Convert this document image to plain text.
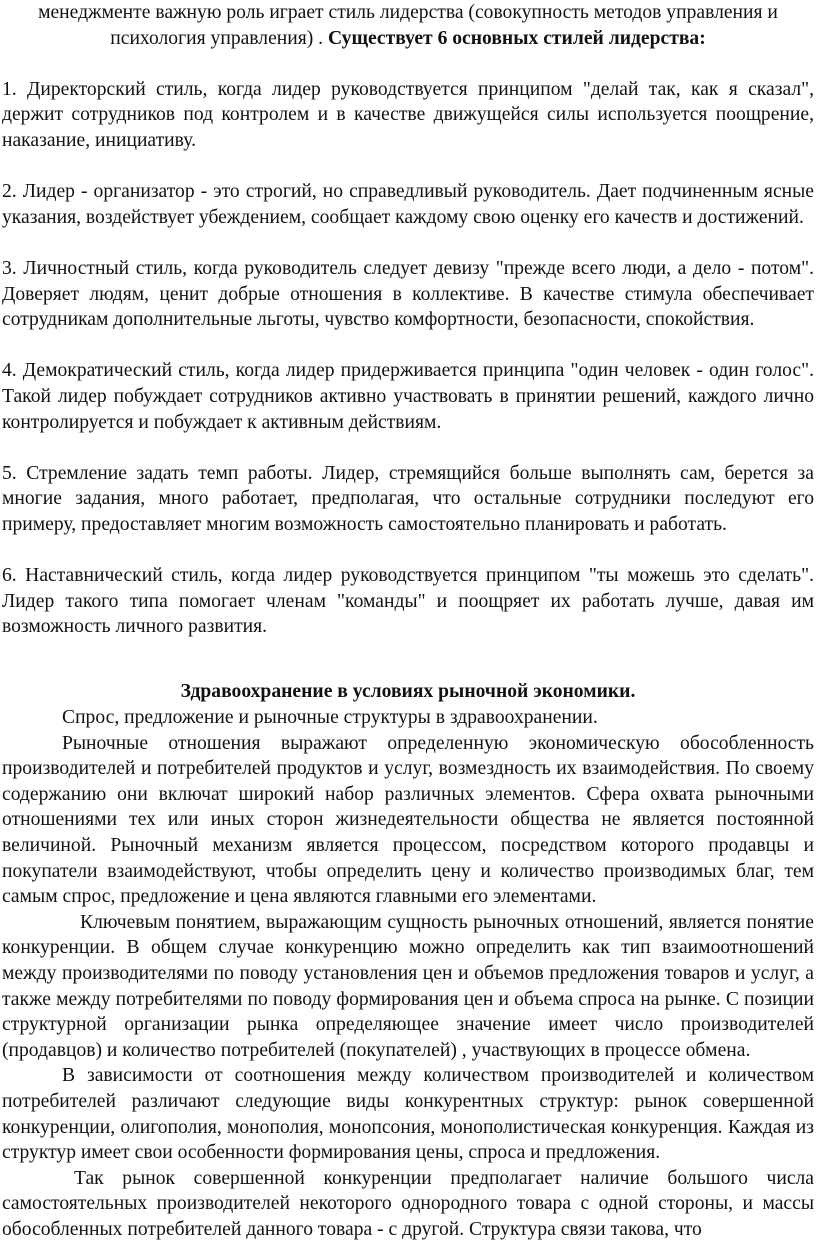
менеджменте важную роль играет стиль лидерства (совокупность методов управления и

психология управления) . Существует 6 основных стилей лидерства:

1. Директорский стиль, когда лидер руководствуется принципом "делай так, как я сказал", держит сотрудников под контролем и в качестве движущейся силы используется поощрение, наказание, инициативу.

2. Лидер - организатор - это строгий, но справедливый руководитель. Дает подчиненным ясные указания, воздействует убеждением, сообщает каждому свою оценку его качеств и достижений.

3. Личностный стиль, когда руководитель следует девизу "прежде всего люди, а дело - потом". Доверяет людям, ценит добрые отношения в коллективе. В качестве стимула обеспечивает сотрудникам дополнительные льготы, чувство комфортности, безопасности, спокойствия.

4. Демократический стиль, когда лидер придерживается принципа "один человек - один голос". Такой лидер побуждает сотрудников активно участвовать в принятии решений, каждого лично контролируется и побуждает к активным действиям.

5. Стремление задать темп работы. Лидер, стремящийся больше выполнять сам, берется за многие задания, много работает, предполагая, что остальные сотрудники последуют его примеру, предоставляет многим возможность самостоятельно планировать и работать.

6. Наставнический стиль, когда лидер руководствуется принципом "ты можешь это сделать". Лидер такого типа помогает членам "команды" и поощряет их работать лучше, давая им возможность личного развития.

Здравоохранение в условиях рыночной экономики.

Спрос, предложение и рыночные структуры в здравоохранении.

Рыночные отношения выражают определенную экономическую обособленность производителей и потребителей продуктов и услуг, возмездность их взаимодействия. По своему содержанию они включат широкий набор различных элементов. Сфера охвата рыночными отношениями тех или иных сторон жизнедеятельности общества не является постоянной величиной. Рыночный механизм является процессом, посредством которого продавцы и покупатели взаимодействуют, чтобы определить цену и количество производимых благ, тем самым спрос, предложение и цена являются главными его элементами.

Ключевым понятием, выражающим сущность рыночных отношений, является понятие конкуренции. В общем случае конкуренцию можно определить как тип взаимоотношений между производителями по поводу установления цен и объемов предложения товаров и услуг, а также между потребителями по поводу формирования цен и объема спроса на рынке. С позиции структурной организации рынка определяющее значение имеет число производителей (продавцов) и количество потребителей (покупателей) , участвующих в процессе обмена.

В зависимости от соотношения между количеством производителей и количеством потребителей различают следующие виды конкурентных структур: рынок совершенной конкуренции, олигополия, монополия, монопсония, монополистическая конкуренция. Каждая из структур имеет свои особенности формирования цены, спроса и предложения.

Так рынок совершенной конкуренции предполагает наличие большого числа самостоятельных производителей некоторого однородного товара с одной стороны, и массы обособленных потребителей данного товара - с другой. Структура связи такова, что
